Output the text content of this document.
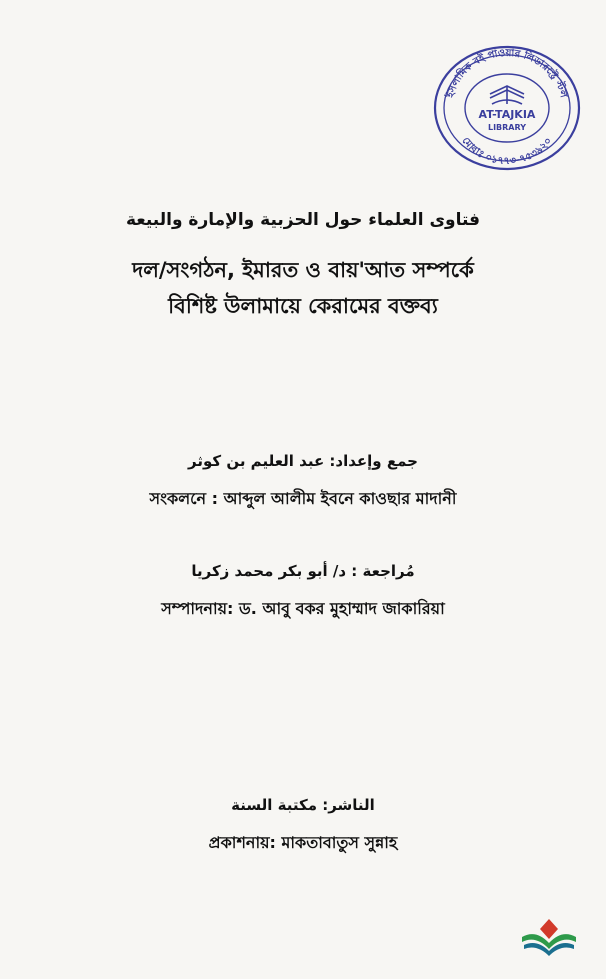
ইসলামিক বই পাওয়ার লিডারস্ট্রে স্টল
মোবাঃ ০১৭৭৩-৭৫৩৯২০
AT-TAJKIA
LIBRARY
فتاوى العلماء حول الحزبية والإمارة والبيعة
দল/সংগঠন, ইমারত ও বায়'আত সম্পর্কে
বিশিষ্ট উলামায়ে কেরামের বক্তব্য
جمع وإعداد: عبد العليم بن كوثر
সংকলনে : আব্দুল আলীম ইবনে কাওছার মাদানী
مُراجعة : د/ أبو بكر محمد زكريا
সম্পাদনায়: ড. আবু বকর মুহাম্মাদ জাকারিয়া
الناشر: مكتبة السنة
প্রকাশনায়: মাকতাবাতুস সুন্নাহ
